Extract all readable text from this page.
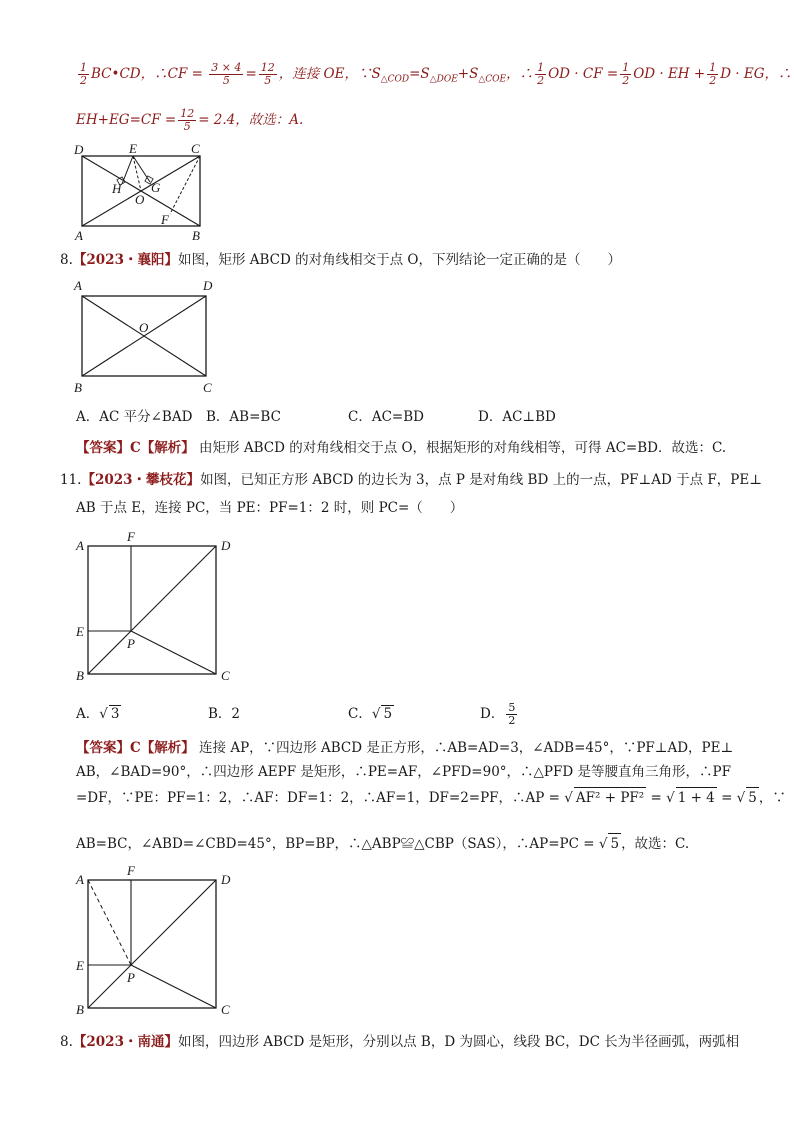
$\frac{1}{2}$ BC•CD，∴CF = $\frac{3 \times 4}{5} = \frac{12}{5}$ ，连接 OE，$\because S_{\triangle COD}=S_{\triangle DOE}+S_{\triangle COE}$，∴ $\frac{1}{2}$ OD · CF = $\frac{1}{2}$ OD · EH + $\frac{1}{2}$ D · EG，∴
$EH+EG=CF = \frac{12}{5} = 2.4$，故选：A.
D	E	C
H G
O
F
A	B
8.【2023・襄阳】如图，矩形 ABCD 的对角线相交于点 O，下列结论一定正确的是（　　）
A	D
O
B	C
A．AC 平分∠BAD B．AB=BC	C．AC=BD	D．AC⊥BD
【答案】C【解析】 由矩形 ABCD 的对角线相交于点 O，根据矩形的对角线相等，可得 AC=BD．故选：C.
11.【2023・攀枝花】如图，已知正方形 ABCD 的边长为 3，点 P 是对角线 BD 上的一点，PF⊥AD 于点 F，PE⊥
AB 于点 E，连接 PC，当 PE：PF=1：2 时，则 PC=（　　）
A
F
D
E
P
B	C
A．√ 3	B．2	C．√ 5	D． $\frac{5}{2}$
【答案】C【解析】 连接 AP，∵四边形 ABCD 是正方形，∴AB=AD=3，∠ADB=45°，∵PF⊥AD，PE⊥
AB，∠BAD=90°，∴四边形 AEPF 是矩形，∴PE=AF，∠PFD=90°，∴△PFD 是等腰直角三角形，∴PF
=DF，∵PE：PF=1：2，∴AF：DF=1：2，∴AF=1，DF=2=PF，∴AP = √ AF² + PF² = √ 1 + 4 = √ 5 ，∵
AB=BC，∠ABD=∠CBD=45°，BP=BP，∴△ABP≌△CBP（SAS），∴AP=PC = √ 5 ，故选：C.
A
F
D
E
P
B	C
8.【2023・南通】如图，四边形 ABCD 是矩形，分别以点 B，D 为圆心，线段 BC，DC 长为半径画弧，两弧相
